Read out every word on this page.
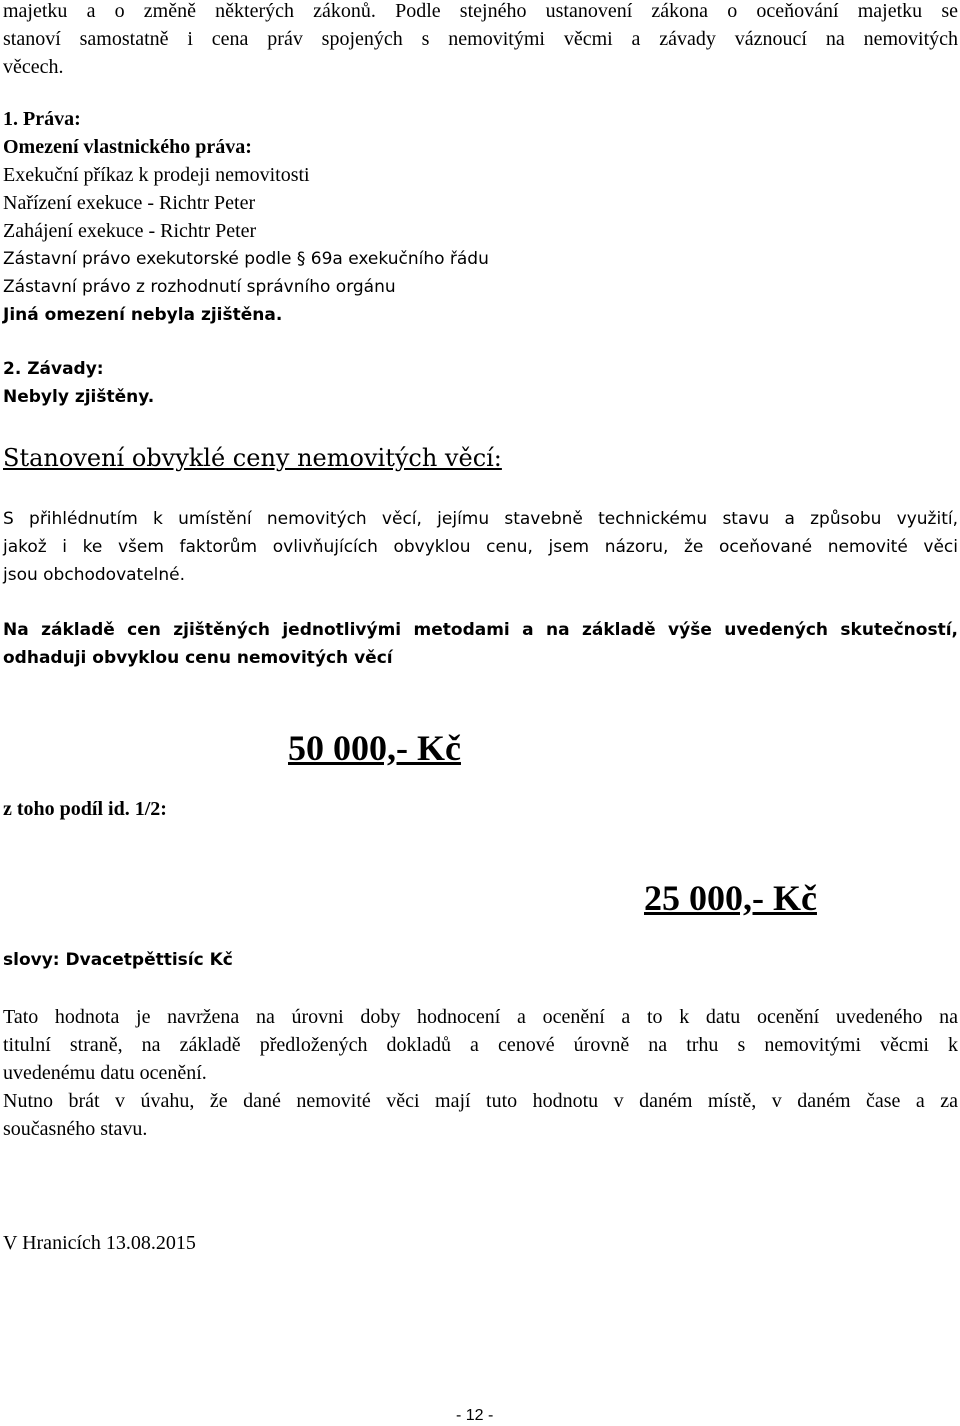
majetku a o změně některých zákonů. Podle stejného ustanovení zákona o oceňování majetku se
stanoví samostatně i cena práv spojených s nemovitými věcmi a závady váznoucí na nemovitých
věcech.
1. Práva:
Omezení vlastnického práva:
Exekuční příkaz k prodeji nemovitosti
Nařízení exekuce - Richtr Peter
Zahájení exekuce - Richtr Peter
Zástavní právo exekutorské podle § 69a exekučního řádu
Zástavní právo z rozhodnutí správního orgánu
Jiná omezení nebyla zjištěna.
2. Závady:
Nebyly zjištěny.
Stanovení obvyklé ceny nemovitých věcí:
S přihlédnutím k umístění nemovitých věcí, jejímu stavebně technickému stavu a způsobu využití,
jakož i ke všem faktorům ovlivňujících obvyklou cenu, jsem názoru, že oceňované nemovité věci
jsou obchodovatelné.
Na základě cen zjištěných jednotlivými metodami a na základě výše uvedených skutečností,
odhaduji obvyklou cenu nemovitých věcí
50 000,- Kč
z toho podíl id. 1/2:
25 000,- Kč
slovy: Dvacetpěttisíc Kč
Tato hodnota je navržena na úrovni doby hodnocení a ocenění a to k datu ocenění uvedeného na
titulní straně, na základě předložených dokladů a cenové úrovně na trhu s nemovitými věcmi k
uvedenému datu ocenění.
Nutno brát v úvahu, že dané nemovité věci mají tuto hodnotu v daném místě, v daném čase a za
současného stavu.
V Hranicích 13.08.2015
- 12 -
